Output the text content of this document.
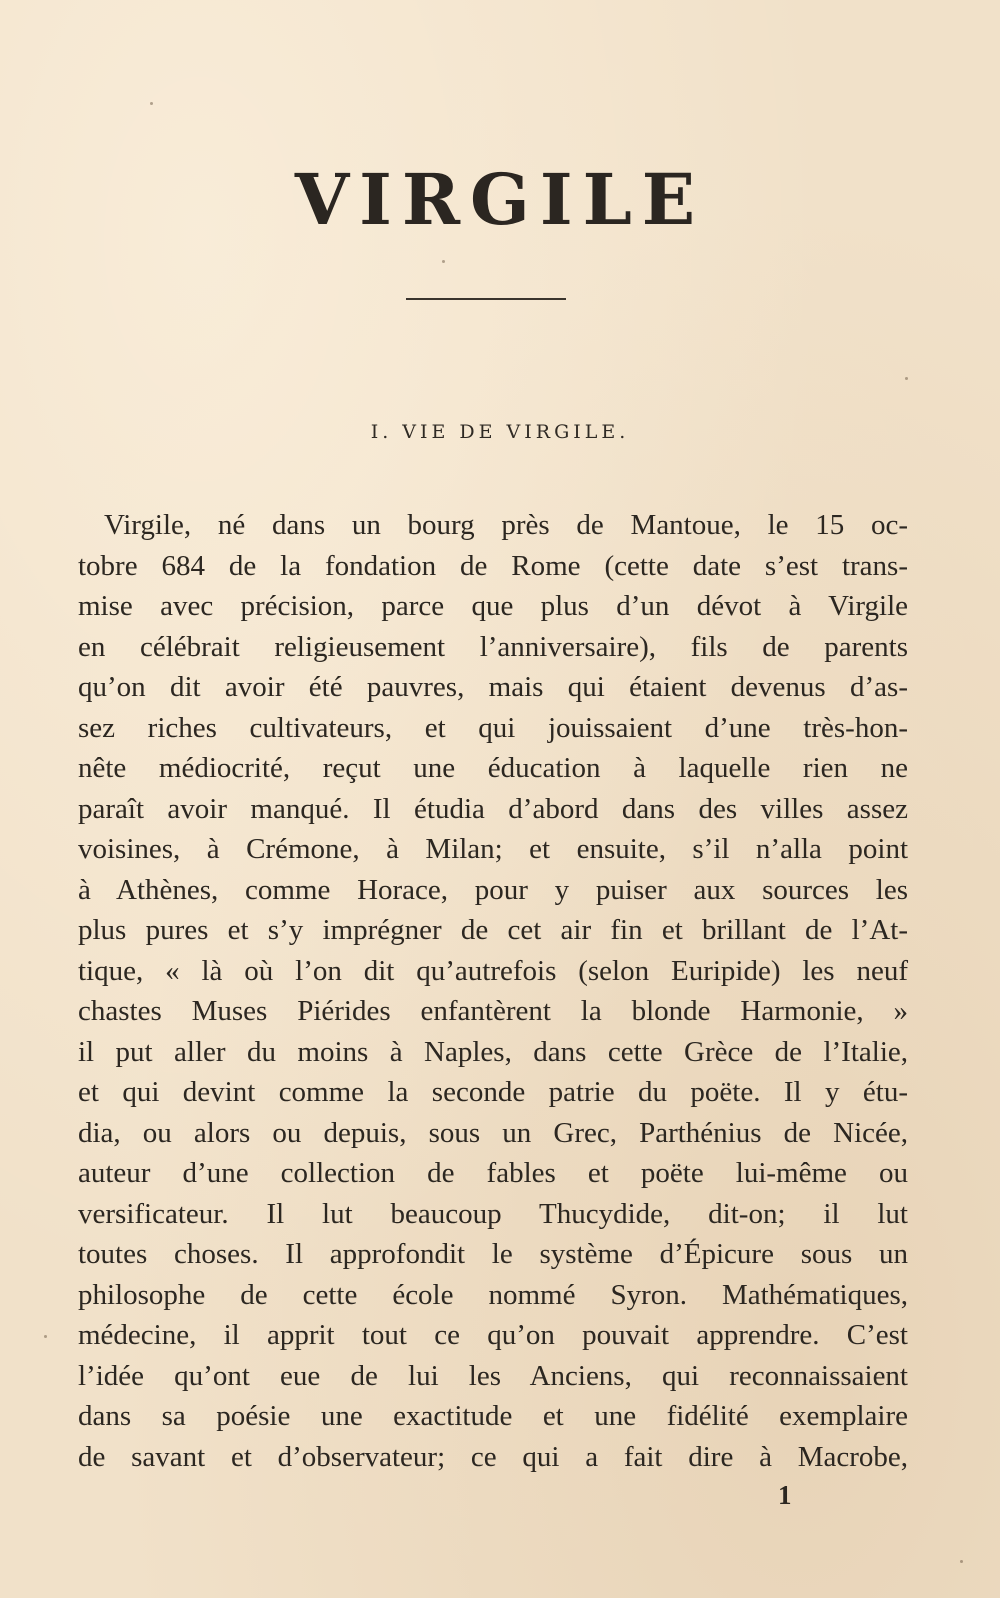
VIRGILE
I. VIE DE VIRGILE.
Virgile, né dans un bourg près de Mantoue, le 15 oc-
tobre 684 de la fondation de Rome (cette date s’est trans-
mise avec précision, parce que plus d’un dévot à Virgile
en célébrait religieusement l’anniversaire), fils de parents
qu’on dit avoir été pauvres, mais qui étaient devenus d’as-
sez riches cultivateurs, et qui jouissaient d’une très-hon-
nête médiocrité, reçut une éducation à laquelle rien ne
paraît avoir manqué. Il étudia d’abord dans des villes assez
voisines, à Crémone, à Milan; et ensuite, s’il n’alla point
à Athènes, comme Horace, pour y puiser aux sources les
plus pures et s’y imprégner de cet air fin et brillant de l’At-
tique, « là où l’on dit qu’autrefois (selon Euripide) les neuf
chastes Muses Piérides enfantèrent la blonde Harmonie, »
il put aller du moins à Naples, dans cette Grèce de l’Italie,
et qui devint comme la seconde patrie du poëte. Il y étu-
dia, ou alors ou depuis, sous un Grec, Parthénius de Nicée,
auteur d’une collection de fables et poëte lui-même ou
versificateur. Il lut beaucoup Thucydide, dit-on; il lut
toutes choses. Il approfondit le système d’Épicure sous un
philosophe de cette école nommé Syron. Mathématiques,
médecine, il apprit tout ce qu’on pouvait apprendre. C’est
l’idée qu’ont eue de lui les Anciens, qui reconnaissaient
dans sa poésie une exactitude et une fidélité exemplaire
de savant et d’observateur; ce qui a fait dire à Macrobe,
1
